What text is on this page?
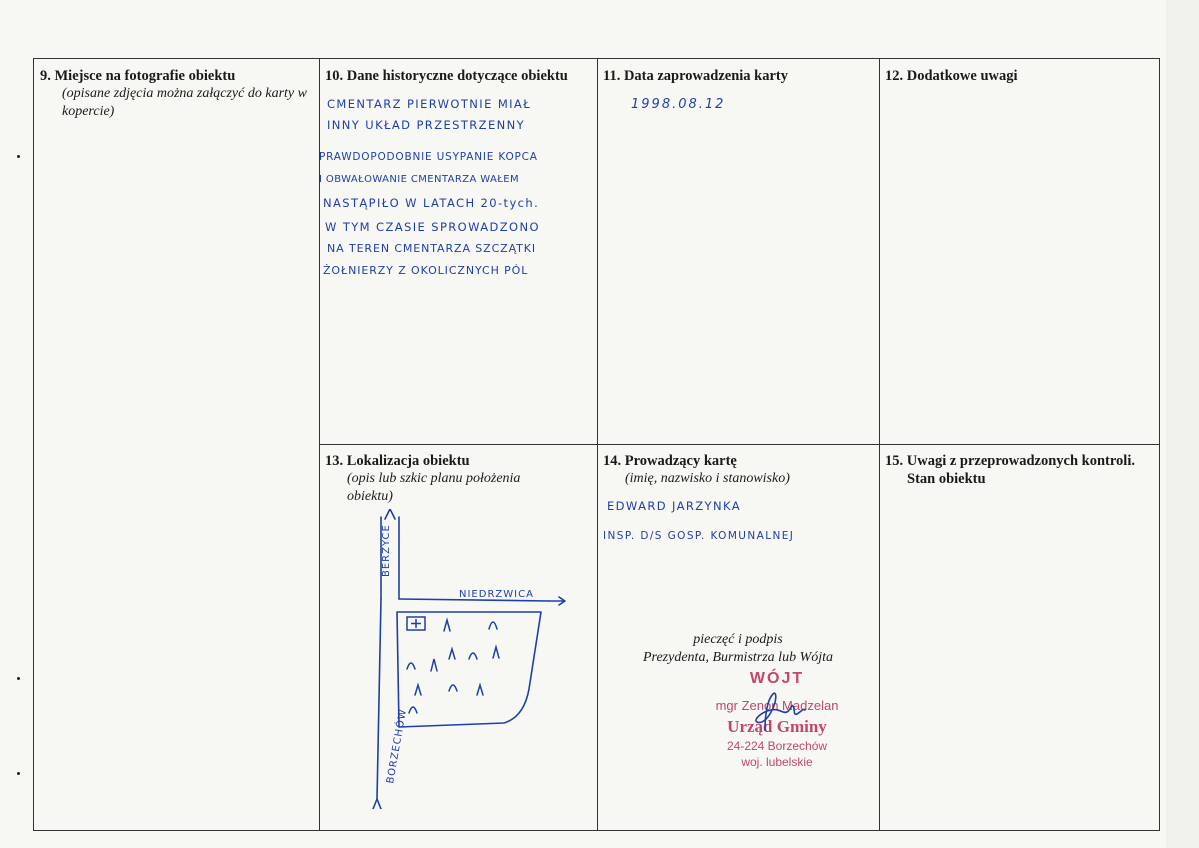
9. Miejsce na fotografie obiektu

(opisane zdjęcia można załączyć do karty w kopercie)

10. Dane historyczne dotyczące obiektu

CMENTARZ PIERWOTNIE MIAŁ
INNY UKŁAD PRZESTRZENNY
PRAWDOPODOBNIE USYPANIE KOPCA
I OBWAŁOWANIE CMENTARZA WAŁEM
NASTĄPIŁO W LATACH 20-tych.
W TYM CZASIE SPROWADZONO
NA TEREN CMENTARZA SZCZĄTKI
ŻOŁNIERZY Z OKOLICZNYCH PÓL

11. Data zaprowadzenia karty

1998.08.12

12. Dodatkowe uwagi

13. Lokalizacja obiektu

(opis lub szkic planu położenia obiektu)

BERZYCE
NIEDRZWICA
BORZECHÓW

14. Prowadzący kartę

(imię, nazwisko i stanowisko)

EDWARD JARZYNKA
INSP. D/S GOSP. KOMUNALNEJ
pieczęć i podpis
Prezydenta, Burmistrza lub Wójta
WÓJT
mgr Zenon Madzelan
Urząd Gminy
24-224 Borzechów
woj. lubelskie

15. Uwagi z przeprowadzonych kontroli. Stan obiektu
